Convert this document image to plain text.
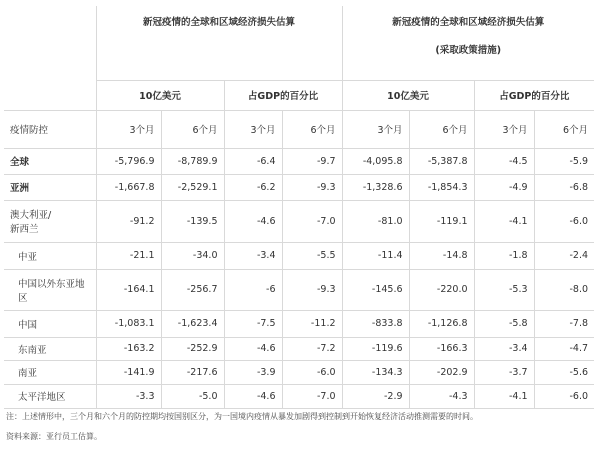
	新冠疫情的全球和区域经济损失估算				新冠疫情的全球和区域经济损失估算			
					(采取政策措施)			
	10亿美元		占GDP的百分比		10亿美元		占GDP的百分比	
疫情防控	3个月	6个月	3个月	6个月	3个月	6个月	3个月	6个月
全球	-5,796.9	-8,789.9	-6.4	-9.7	-4,095.8	-5,387.8	-4.5	-5.9
亚洲	-1,667.8	-2,529.1	-6.2	-9.3	-1,328.6	-1,854.3	-4.9	-6.8
澳大利亚/
新西兰	-91.2	-139.5	-4.6	-7.0	-81.0	-119.1	-4.1	-6.0
中亚	-21.1	-34.0	-3.4	-5.5	-11.4	-14.8	-1.8	-2.4
中国以外东亚地
区	-164.1	-256.7	-6	-9.3	-145.6	-220.0	-5.3	-8.0
中国	-1,083.1	-1,623.4	-7.5	-11.2	-833.8	-1,126.8	-5.8	-7.8
东南亚	-163.2	-252.9	-4.6	-7.2	-119.6	-166.3	-3.4	-4.7
南亚	-141.9	-217.6	-3.9	-6.0	-134.3	-202.9	-3.7	-5.6
太平洋地区	-3.3	-5.0	-4.6	-7.0	-2.9	-4.3	-4.1	-6.0
注：上述情形中，三个月和六个月的防控期均按国别区分，为一国境内疫情从暴发加剧得到控制到开始恢复经济活动推测需要的时间。
资料来源：亚行员工估算。
